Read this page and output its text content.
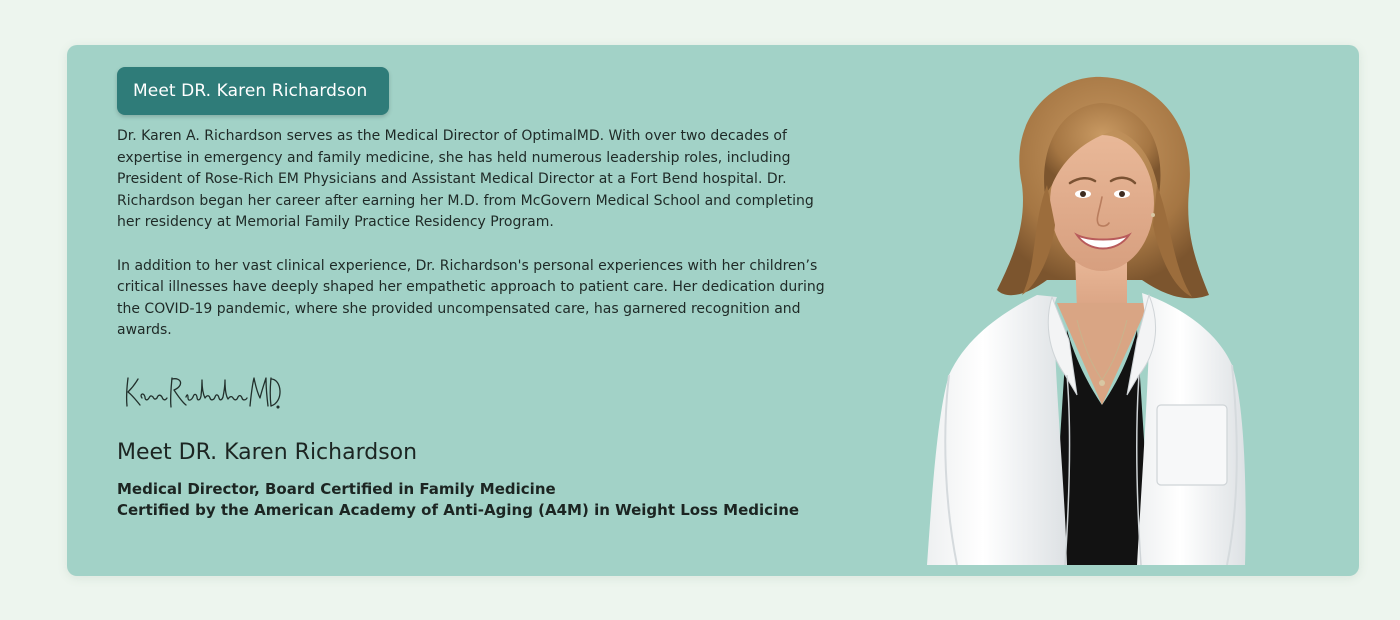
Meet DR. Karen Richardson

Dr. Karen A. Richardson serves as the Medical Director of OptimalMD. With over two decades of expertise in emergency and family medicine, she has held numerous leadership roles, including President of Rose-Rich EM Physicians and Assistant Medical Director at a Fort Bend hospital. Dr. Richardson began her career after earning her M.D. from McGovern Medical School and completing her residency at Memorial Family Practice Residency Program.

In addition to her vast clinical experience, Dr. Richardson's personal experiences with her children’s critical illnesses have deeply shaped her empathetic approach to patient care. Her dedication during the COVID-19 pandemic, where she provided uncompensated care, has garnered recognition and awards.

Meet DR. Karen Richardson
Medical Director, Board Certified in Family Medicine
Certified by the American Academy of Anti-Aging (A4M) in Weight Loss Medicine
